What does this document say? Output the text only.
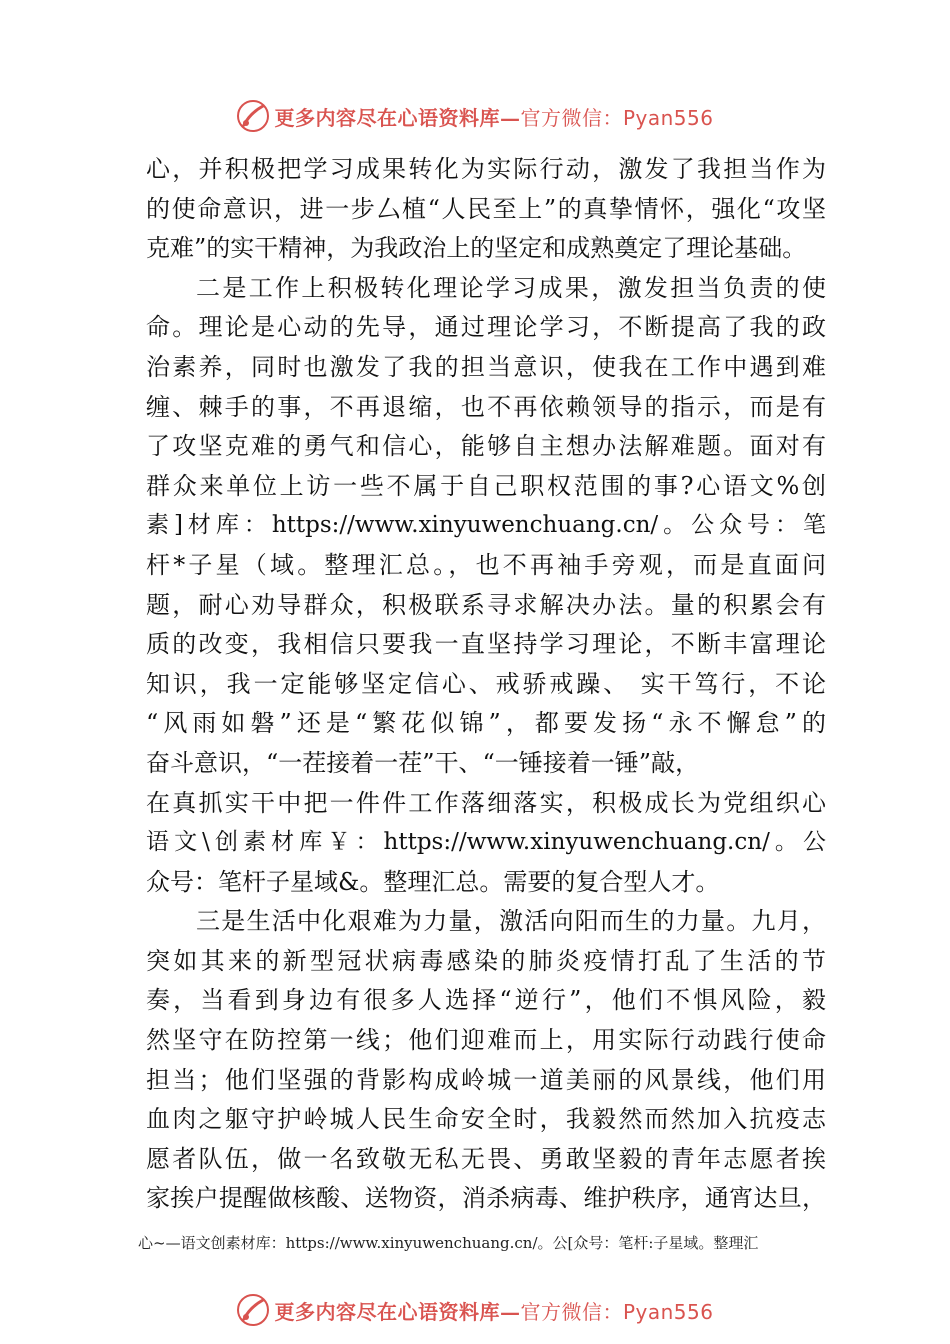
更多内容尽在心语资料库—官方微信：Pyan556
心，并积极把学习成果转化为实际行动，激发了我担当作为
的使命意识，进一步厶植“人民至上”的真挚情怀，强化“攻坚
克难”的实干精神，为我政治上的坚定和成熟奠定了理论基础。
二是工作上积极转化理论学习成果，激发担当负责的使
命。理论是心动的先导，通过理论学习，不断提高了我的政
治素养，同时也激发了我的担当意识，使我在工作中遇到难
缠、棘手的事，不再退缩，也不再依赖领导的指示，而是有
了攻坚克难的勇气和信心，能够自主想办法解难题。面对有
群众来单位上访一些不属于自己职权范围的事?心语文%创
素]材库：https://www.xinyuwenchuang.cn/。公众号：笔
杆*子星（域。整理汇总。，也不再袖手旁观，而是直面问
题，耐心劝导群众，积极联系寻求解决办法。量的积累会有
质的改变，我相信只要我一直坚持学习理论，不断丰富理论
知识，我一定能够坚定信心、戒骄戒躁、 实干笃行，不论
“风雨如磐”还是“繁花似锦”，都要发扬“永不懈怠”的
奋斗意识，“一茬接着一茬”干、“一锤接着一锤”敲，
在真抓实干中把一件件工作落细落实，积极成长为党组织心
语文\创素材库￥：https://www.xinyuwenchuang.cn/。公
众号：笔杆子星域&。整理汇总。需要的复合型人才。
三是生活中化艰难为力量，激活向阳而生的力量。九月，
突如其来的新型冠状病毒感染的肺炎疫情打乱了生活的节
奏，当看到身边有很多人选择“逆行”，他们不惧风险，毅
然坚守在防控第一线；他们迎难而上，用实际行动践行使命
担当；他们坚强的背影构成岭城一道美丽的风景线，他们用
血肉之躯守护岭城人民生命安全时，我毅然而然加入抗疫志
愿者队伍，做一名致敬无私无畏、勇敢坚毅的青年志愿者挨
家挨户提醒做核酸、送物资，消杀病毒、维护秩序，通宵达旦，
心~—语文创素材库：https://www.xinyuwenchuang.cn/。公[众号：笔杆:子星域。整理汇
更多内容尽在心语资料库—官方微信：Pyan556
